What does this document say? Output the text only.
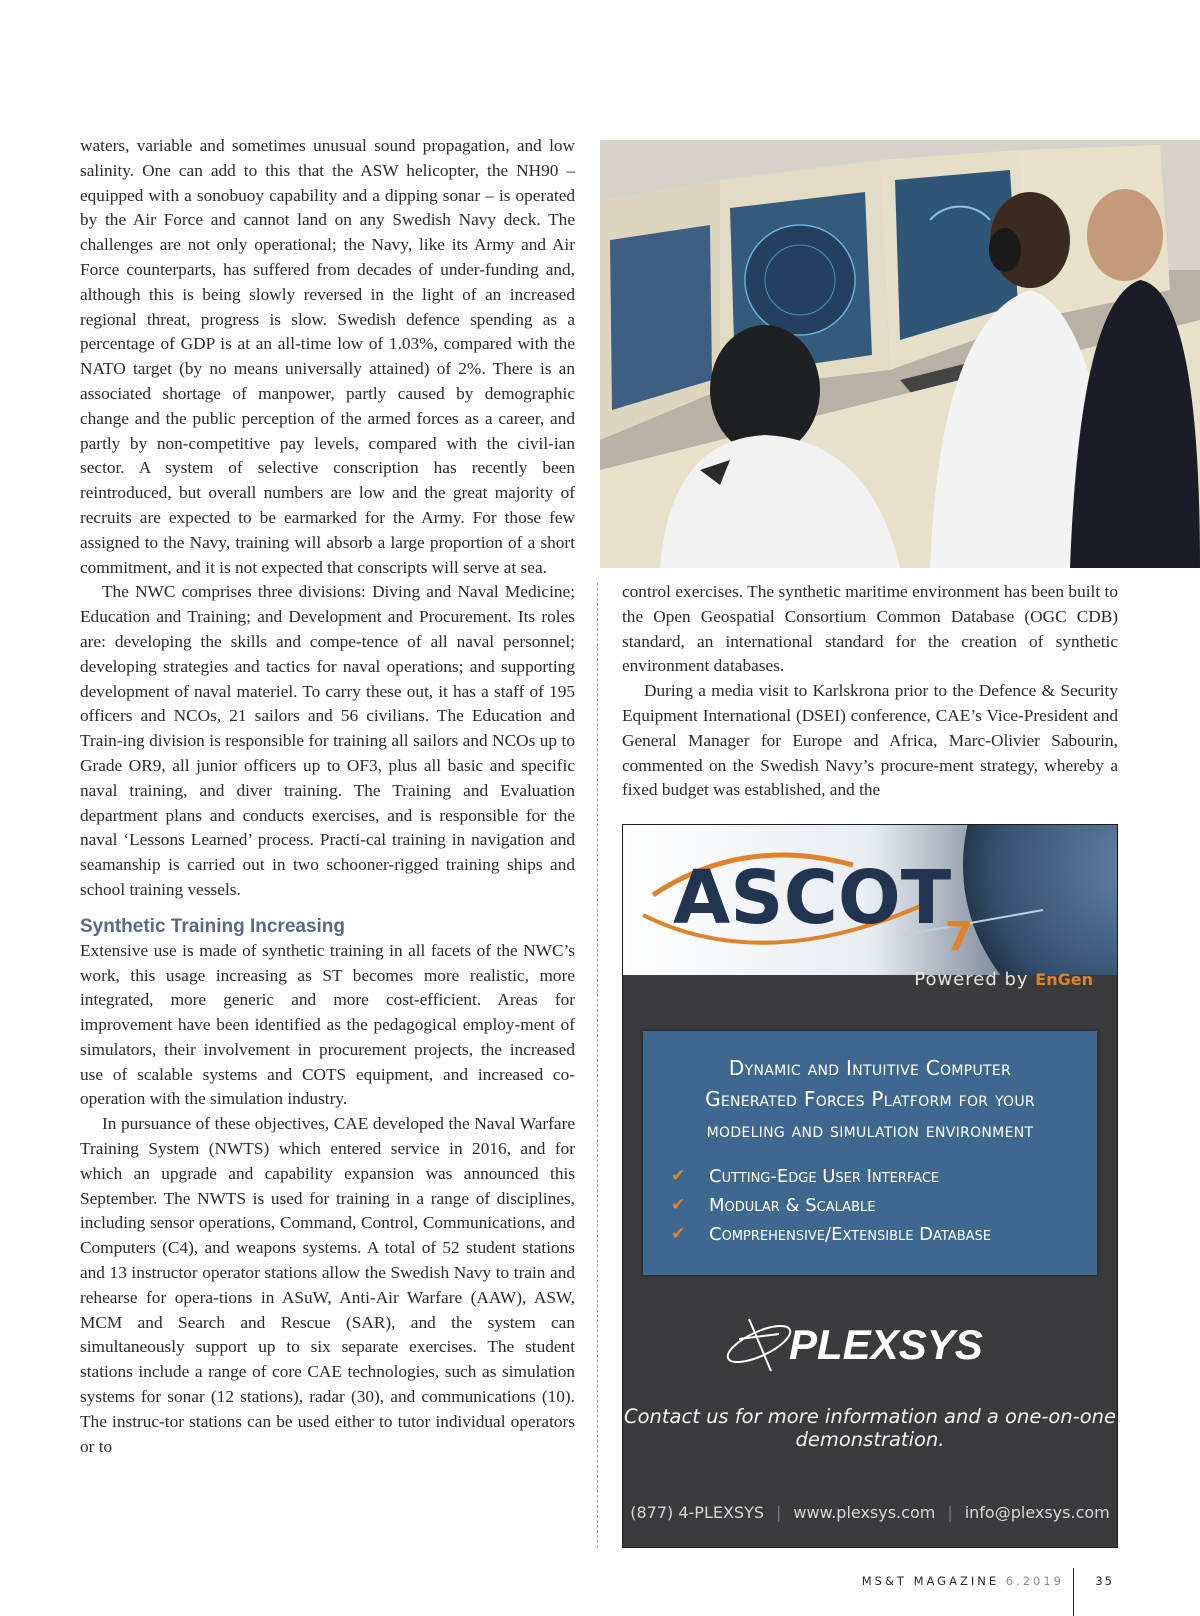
waters, variable and sometimes unusual sound propagation, and low salinity. One can add to this that the ASW helicopter, the NH90 – equipped with a sonobuoy capability and a dipping sonar – is operated by the Air Force and cannot land on any Swedish Navy deck. The challenges are not only operational; the Navy, like its Army and Air Force counterparts, has suffered from decades of under-funding and, although this is being slowly reversed in the light of an increased regional threat, progress is slow. Swedish defence spending as a percentage of GDP is at an all-time low of 1.03%, compared with the NATO target (by no means universally attained) of 2%. There is an associated shortage of manpower, partly caused by demographic change and the public perception of the armed forces as a career, and partly by non-competitive pay levels, compared with the civil-ian sector. A system of selective conscription has recently been reintroduced, but overall numbers are low and the great majority of recruits are expected to be earmarked for the Army. For those few assigned to the Navy, training will absorb a large proportion of a short commitment, and it is not expected that conscripts will serve at sea.

The NWC comprises three divisions: Diving and Naval Medicine; Education and Training; and Development and Procurement. Its roles are: developing the skills and compe-tence of all naval personnel; developing strategies and tactics for naval operations; and supporting development of naval materiel. To carry these out, it has a staff of 195 officers and NCOs, 21 sailors and 56 civilians. The Education and Train-ing division is responsible for training all sailors and NCOs up to Grade OR9, all junior officers up to OF3, plus all basic and specific naval training, and diver training. The Training and Evaluation department plans and conducts exercises, and is responsible for the naval ‘Lessons Learned’ process. Practi-cal training in navigation and seamanship is carried out in two schooner-rigged training ships and school training vessels.

Synthetic Training Increasing

Extensive use is made of synthetic training in all facets of the NWC’s work, this usage increasing as ST becomes more realistic, more integrated, more generic and more cost-efficient. Areas for improvement have been identified as the pedagogical employ-ment of simulators, their involvement in procurement projects, the increased use of scalable systems and COTS equipment, and increased co-operation with the simulation industry.

In pursuance of these objectives, CAE developed the Naval Warfare Training System (NWTS) which entered service in 2016, and for which an upgrade and capability expansion was announced this September. The NWTS is used for training in a range of disciplines, including sensor operations, Command, Control, Communications, and Computers (C4), and weapons systems. A total of 52 student stations and 13 instructor operator stations allow the Swedish Navy to train and rehearse for opera-tions in ASuW, Anti-Air Warfare (AAW), ASW, MCM and Search and Rescue (SAR), and the system can simultaneously support up to six separate exercises. The student stations include a range of core CAE technologies, such as simulation systems for sonar (12 stations), radar (30), and communications (10). The instruc-tor stations can be used either to tutor individual operators or to

control exercises. The synthetic maritime environment has been built to the Open Geospatial Consortium Common Database (OGC CDB) standard, an international standard for the creation of synthetic environment databases.

During a media visit to Karlskrona prior to the Defence & Security Equipment International (DSEI) conference, CAE’s Vice-President and General Manager for Europe and Africa, Marc-Olivier Sabourin, commented on the Swedish Navy’s procure-ment strategy, whereby a fixed budget was established, and the

ASCOT
7
Powered by EnGen
Dynamic and Intuitive Computer
Generated Forces Platform for your
modeling and simulation environment
✔	Cutting-Edge User Interface
✔	Modular & Scalable
✔	Comprehensive/Extensible Database
PLEXSYS
Contact us for more information and a one-on-one
demonstration.
(877) 4-PLEXSYS | www.plexsys.com | info@plexsys.com
MS&T MAGAZINE 6.2019	35
